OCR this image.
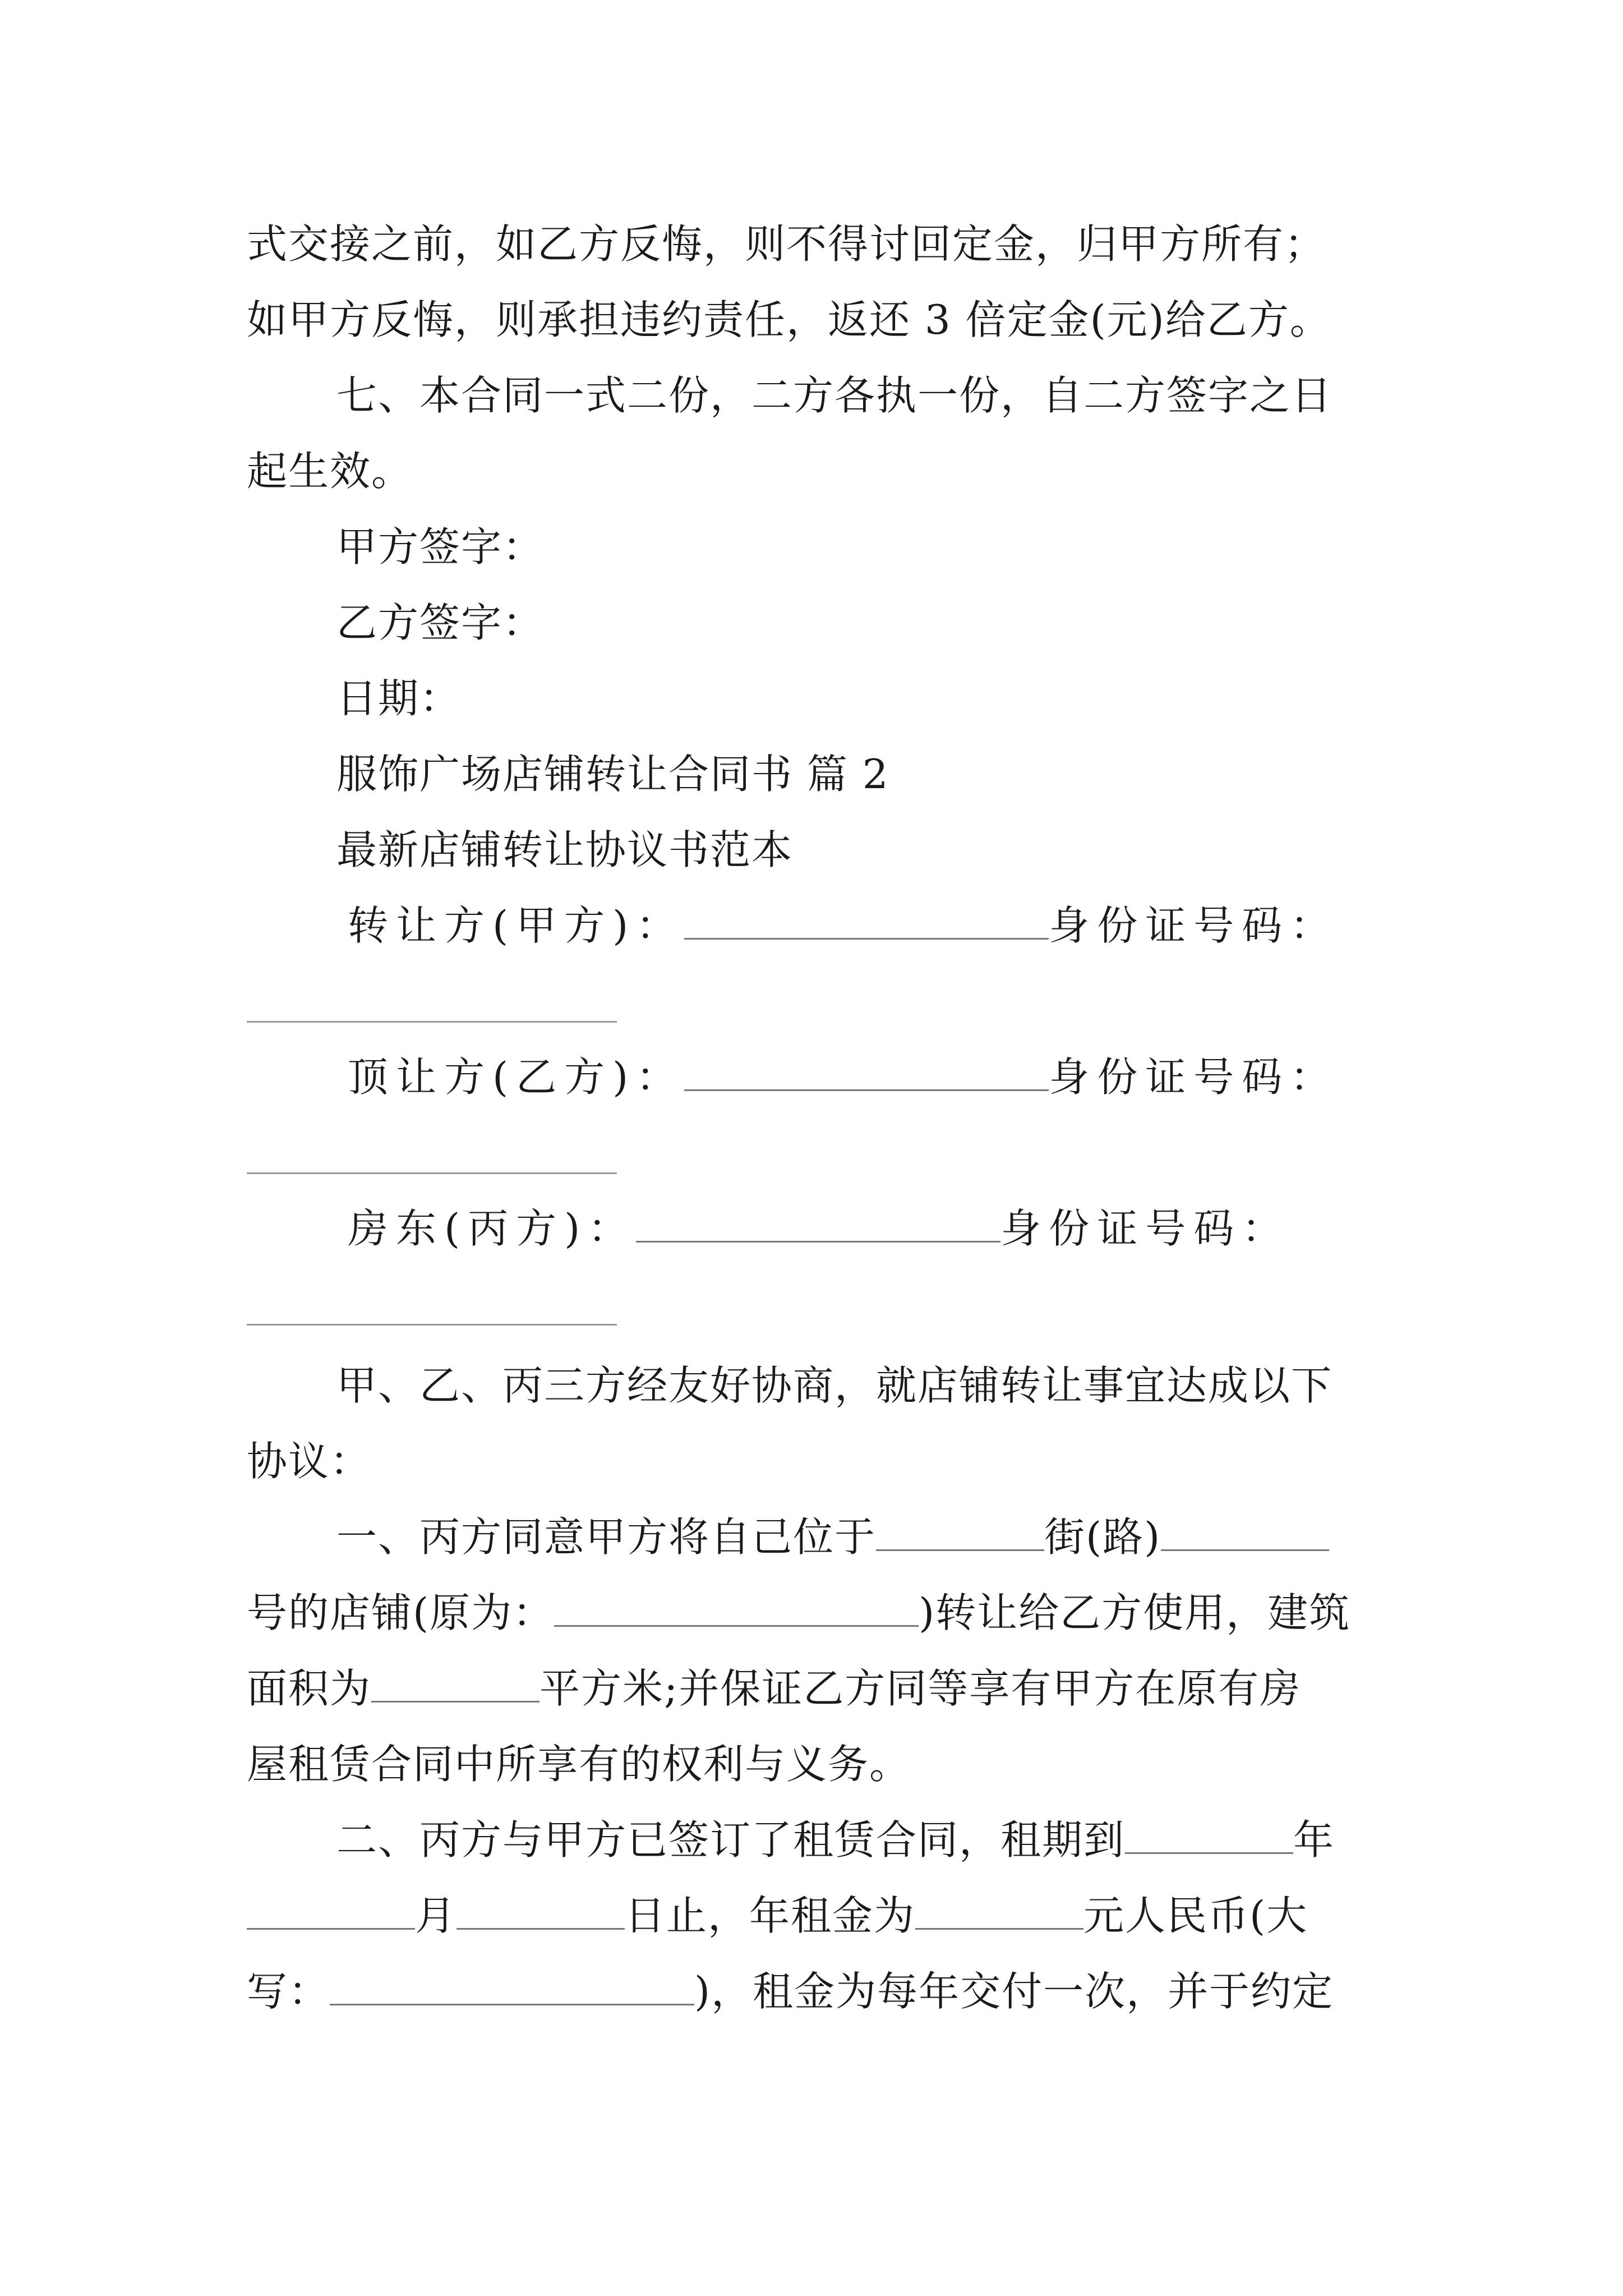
式交接之前，如乙方反悔，则不得讨回定金，归甲方所有；
如甲方反悔，则承担违约责任，返还 3 倍定金(元)给乙方。
七、本合同一式二份，二方各执一份，自二方签字之日
起生效。
甲方签字：
乙方签字：
日期：
服饰广场店铺转让合同书 篇 2
最新店铺转让协议书范本
转让方(甲方)：	身份证号码：
顶让方(乙方)：	身份证号码：
房东(丙方)：	身份证号码：
甲、乙、丙三方经友好协商，就店铺转让事宜达成以下
协议：
一、丙方同意甲方将自己位于	街(路)
号的店铺(原为：	)转让给乙方使用，建筑
面积为	平方米;并保证乙方同等享有甲方在原有房
屋租赁合同中所享有的权利与义务。
二、丙方与甲方已签订了租赁合同，租期到	年
月	日止，年租金为	元人民币(大
写：	)，租金为每年交付一次，并于约定
